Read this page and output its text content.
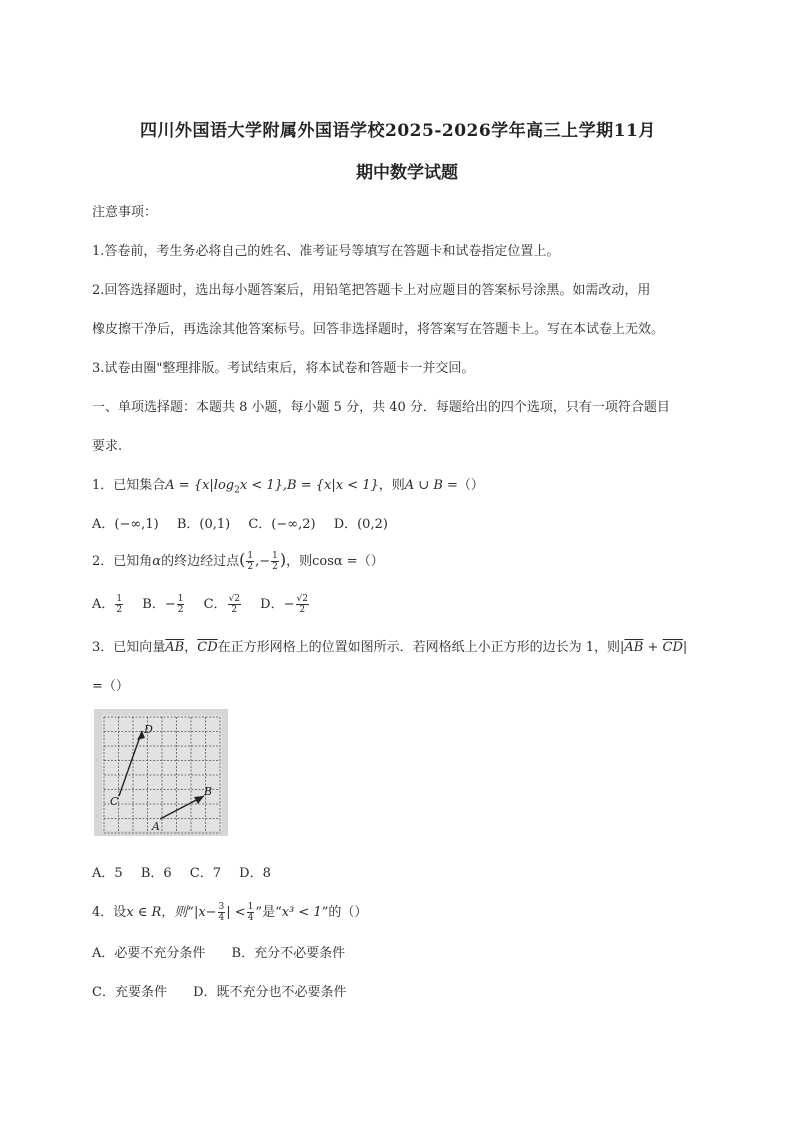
四川外国语大学附属外国语学校2025-2026学年高三上学期11月
期中数学试题
注意事项：
1.答卷前，考生务必将自己的姓名、准考证号等填写在答题卡和试卷指定位置上。
2.回答选择题时，选出每小题答案后，用铅笔把答题卡上对应题目的答案标号涂黑。如需改动，用
橡皮擦干净后，再选涂其他答案标号。回答非选择题时，将答案写在答题卡上。写在本试卷上无效。
3.试卷由圈"整理排版。考试结束后，将本试卷和答题卡一并交回。
一、单项选择题：本题共 8 小题，每小题 5 分，共 40 分．每题给出的四个选项，只有一项符合题目
要求.
1．已知集合$A = \{x|\log_2x < 1\},B = \{x|x < 1\}$，则A ∪ B =（）
A．(−∞,1) B．(0,1) C．(−∞,2) D．(0,2)
2．已知角α的终边经过点( $\frac{1}{2}$ ,− $\frac{1}{2}$ )，则cosα =（）
A． $\frac{1}{2}$ B．− $\frac{1}{2}$ C． $\frac{√2}{2}$ D．− $\frac{√2}{2}$
3．已知向量$\overline{AB}$，$\overline{CD}$在正方形网格上的位置如图所示．若网格纸上小正方形的边长为 1，则$|\overline{AB} + \overline{CD}|$
=（）
D
C
B
A
A．5 B．6 C．7 D．8
4．设x ∈ R，则“$|x- \frac{3}{4}$ | < $\frac{1}{4}$ ”是“x³ < 1”的（）
A．必要不充分条件 B．充分不必要条件
C．充要条件 D．既不充分也不必要条件
